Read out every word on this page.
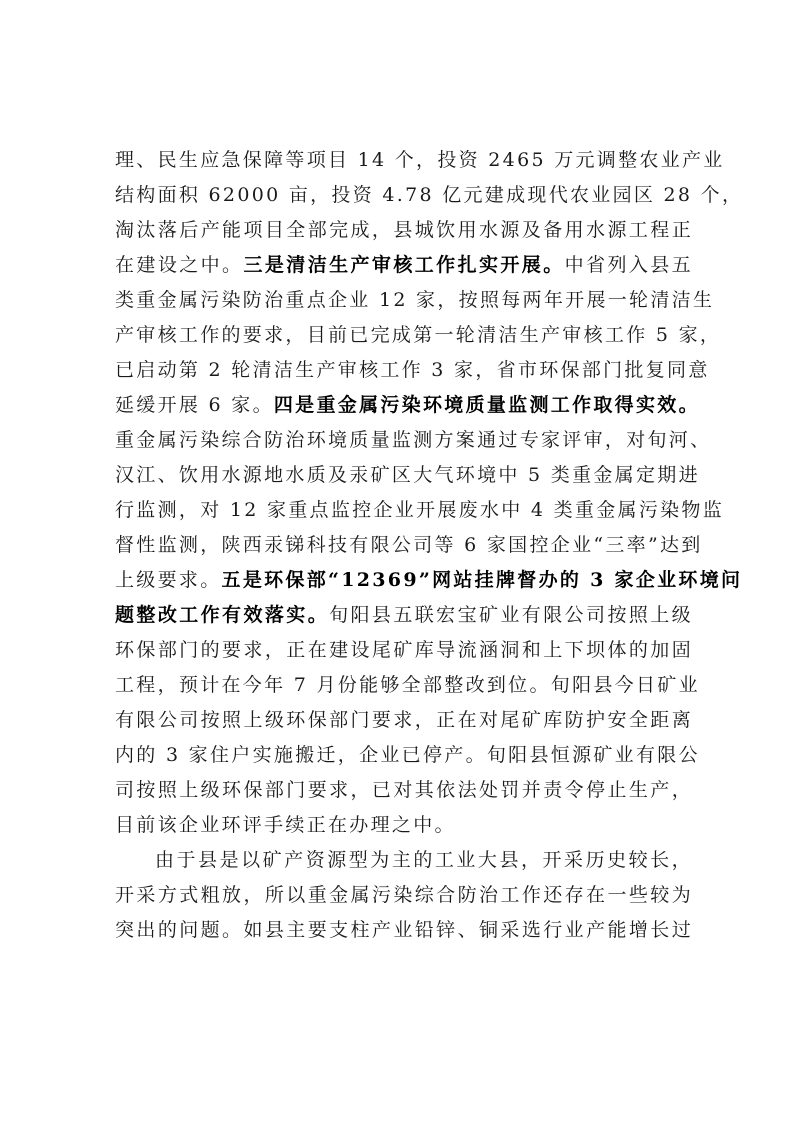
理、民生应急保障等项目 14 个，投资 2465 万元调整农业产业
结构面积 62000 亩，投资 4.78 亿元建成现代农业园区 28 个，
淘汰落后产能项目全部完成，县城饮用水源及备用水源工程正
在建设之中。三是清洁生产审核工作扎实开展。中省列入县五
类重金属污染防治重点企业 12 家，按照每两年开展一轮清洁生
产审核工作的要求，目前已完成第一轮清洁生产审核工作 5 家，
已启动第 2 轮清洁生产审核工作 3 家，省市环保部门批复同意
延缓开展 6 家。四是重金属污染环境质量监测工作取得实效。
重金属污染综合防治环境质量监测方案通过专家评审，对旬河、
汉江、饮用水源地水质及汞矿区大气环境中 5 类重金属定期进
行监测，对 12 家重点监控企业开展废水中 4 类重金属污染物监
督性监测，陕西汞锑科技有限公司等 6 家国控企业“三率”达到
上级要求。五是环保部“12369”网站挂牌督办的 3 家企业环境问
题整改工作有效落实。旬阳县五联宏宝矿业有限公司按照上级
环保部门的要求，正在建设尾矿库导流涵洞和上下坝体的加固
工程，预计在今年 7 月份能够全部整改到位。旬阳县今日矿业
有限公司按照上级环保部门要求，正在对尾矿库防护安全距离
内的 3 家住户实施搬迁，企业已停产。旬阳县恒源矿业有限公
司按照上级环保部门要求，已对其依法处罚并责令停止生产，
目前该企业环评手续正在办理之中。
由于县是以矿产资源型为主的工业大县，开采历史较长，
开采方式粗放，所以重金属污染综合防治工作还存在一些较为
突出的问题。如县主要支柱产业铅锌、铜采选行业产能增长过
